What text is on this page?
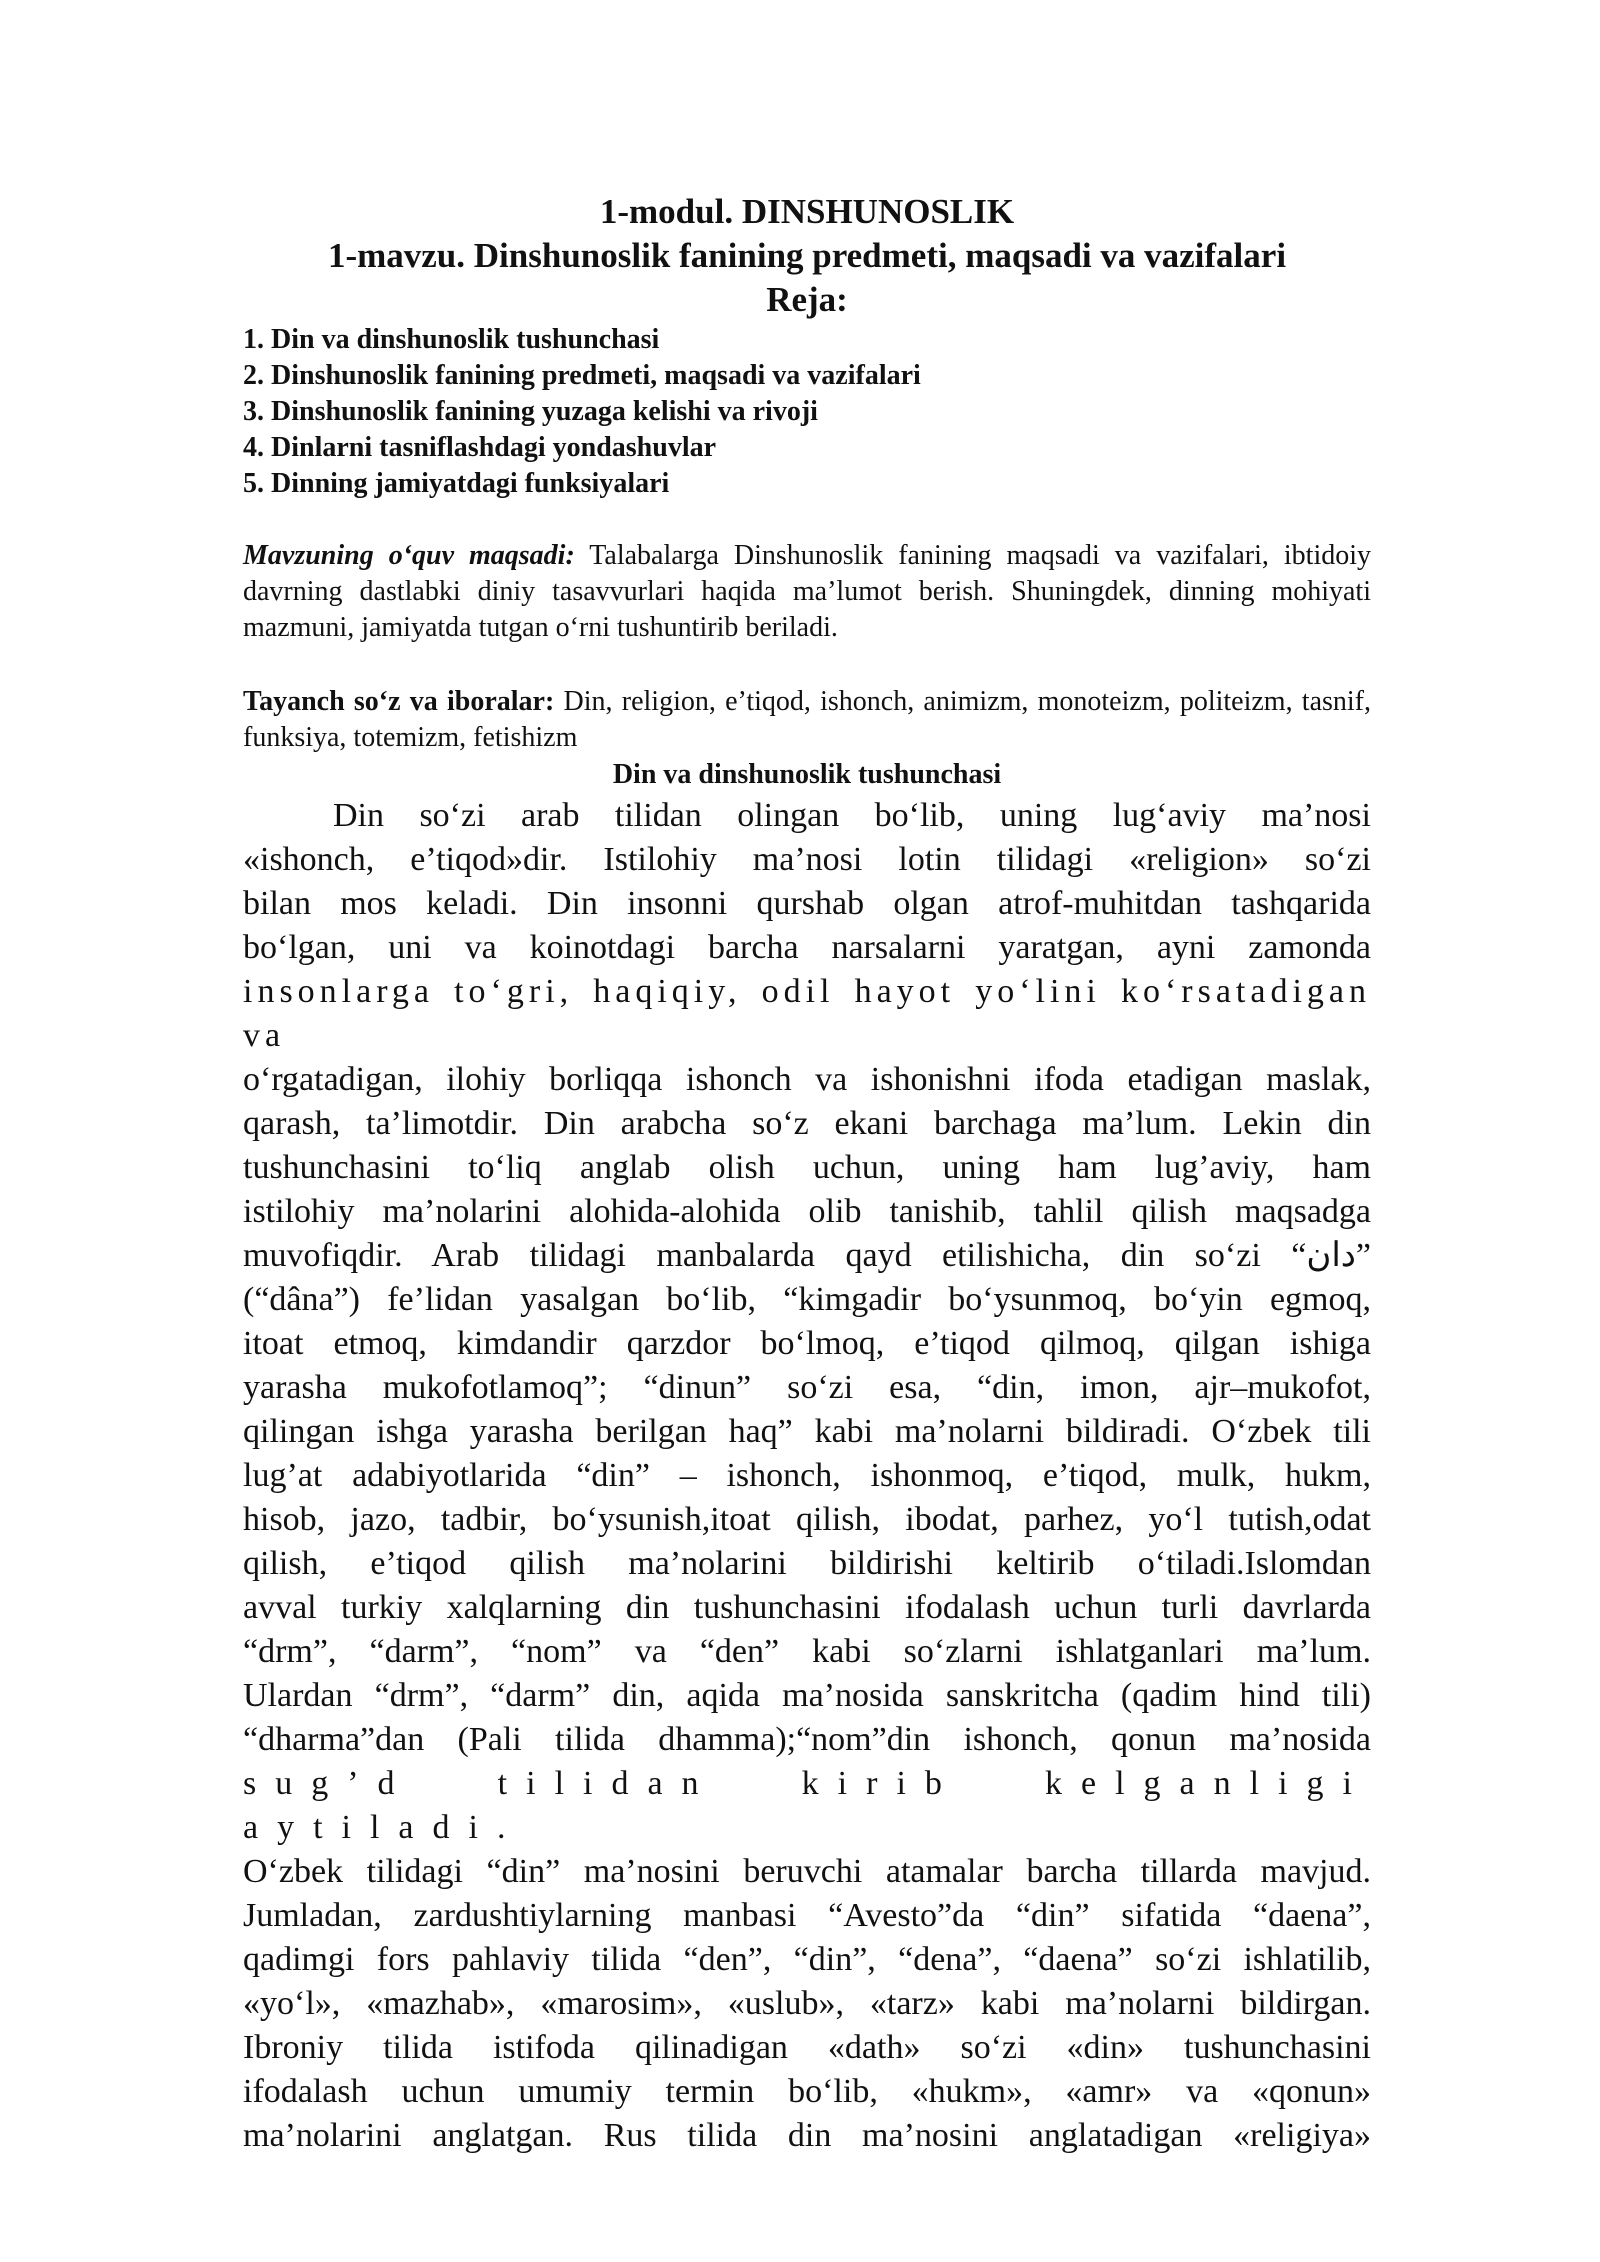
1-modul. DINSHUNOSLIK
1-mavzu. Dinshunoslik fanining predmeti, maqsadi va vazifalari
Reja:
1. Din va dinshunoslik tushunchasi
2. Dinshunoslik fanining predmeti, maqsadi va vazifalari
3. Dinshunoslik fanining yuzaga kelishi va rivoji
4. Dinlarni tasniflashdagi yondashuvlar
5. Dinning jamiyatdagi funksiyalari

Mavzuning o‘quv maqsadi: Talabalarga Dinshunoslik fanining maqsadi va vazifalari, ibtidoiy davrning dastlabki diniy tasavvurlari haqida ma’lumot berish. Shuningdek, dinning mohiyati mazmuni, jamiyatda tutgan o‘rni tushuntirib beriladi.

Tayanch so‘z va iboralar: Din, religion, e’tiqod, ishonch, animizm, monoteizm, politeizm, tasnif, funksiya, totemizm, fetishizm

Din va dinshunoslik tushunchasi

Din so‘zi arab tilidan olingan bo‘lib, uning lug‘aviy ma’nosi

«ishonch, e’tiqod»dir. Istilohiy ma’nosi lotin tilidagi «religion» so‘zi

bilan mos keladi. Din insonni qurshab olgan atrof-muhitdan tashqarida

bo‘lgan, uni va koinotdagi barcha narsalarni yaratgan, ayni zamonda

insonlarga to‘gri, haqiqiy, odil hayot yo‘lini ko‘rsatadigan va

o‘rgatadigan, ilohiy borliqqa ishonch va ishonishni ifoda etadigan maslak,

qarash, ta’limotdir. Din arabcha so‘z ekani barchaga ma’lum. Lekin din

tushunchasini to‘liq anglab olish uchun, uning ham lug’aviy, ham

istilohiy ma’nolarini alohida-alohida olib tanishib, tahlil qilish maqsadga

muvofiqdir. Arab tilidagi manbalarda qayd etilishicha, din so‘zi “دان”

(“dâna”) fe’lidan yasalgan bo‘lib, “kimgadir bo‘ysunmoq, bo‘yin egmoq,

itoat etmoq, kimdandir qarzdor bo‘lmoq, e’tiqod qilmoq, qilgan ishiga

yarasha mukofotlamoq”; “dinun” so‘zi esa, “din, imon, ajr–mukofot,

qilingan ishga yarasha berilgan haq” kabi ma’nolarni bildiradi. O‘zbek tili

lug’at adabiyotlarida “din” – ishonch, ishonmoq, e’tiqod, mulk, hukm,

hisob, jazo, tadbir, bo‘ysunish,itoat qilish, ibodat, parhez, yo‘l tutish,odat

qilish, e’tiqod qilish ma’nolarini bildirishi keltirib o‘tiladi.Islomdan

avval turkiy xalqlarning din tushunchasini ifodalash uchun turli davrlarda

“drm”, “darm”, “nom” va “den” kabi so‘zlarni ishlatganlari ma’lum.

Ulardan “drm”, “darm” din, aqida ma’nosida sanskritcha (qadim hind tili)

“dharma”dan (Pali tilida dhamma);“nom”din ishonch, qonun ma’nosida

sug’d tilidan kirib kelganligi aytiladi.

O‘zbek tilidagi “din” ma’nosini beruvchi atamalar barcha tillarda mavjud.

Jumladan, zardushtiylarning manbasi “Avesto”da “din” sifatida “daena”,

qadimgi fors pahlaviy tilida “den”, “din”, “dena”, “daena” so‘zi ishlatilib,

«yo‘l», «mazhab», «marosim», «uslub», «tarz» kabi ma’nolarni bildirgan.

Ibroniy tilida istifoda qilinadigan «dath» so‘zi «din» tushunchasini

ifodalash uchun umumiy termin bo‘lib, «hukm», «amr» va «qonun»

ma’nolarini anglatgan. Rus tilida din ma’nosini anglatadigan «religiya»
